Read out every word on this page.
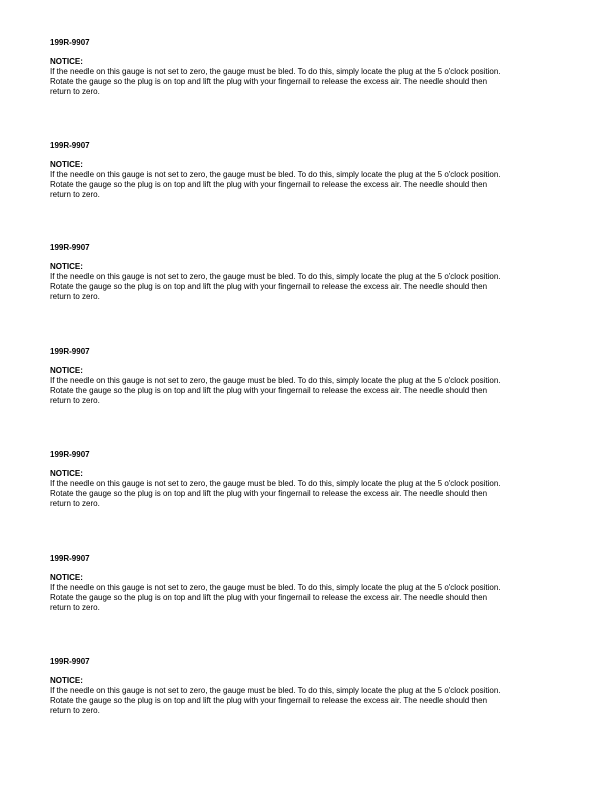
199R-9907
NOTICE:
If the needle on this gauge is not set to zero, the gauge must be bled. To do this, simply locate the plug at the 5 o'clock position.
Rotate the gauge so the plug is on top and lift the plug with your fingernail to release the excess air. The needle should then
return to zero.
199R-9907
NOTICE:
If the needle on this gauge is not set to zero, the gauge must be bled. To do this, simply locate the plug at the 5 o'clock position.
Rotate the gauge so the plug is on top and lift the plug with your fingernail to release the excess air. The needle should then
return to zero.
199R-9907
NOTICE:
If the needle on this gauge is not set to zero, the gauge must be bled. To do this, simply locate the plug at the 5 o'clock position.
Rotate the gauge so the plug is on top and lift the plug with your fingernail to release the excess air. The needle should then
return to zero.
199R-9907
NOTICE:
If the needle on this gauge is not set to zero, the gauge must be bled. To do this, simply locate the plug at the 5 o'clock position.
Rotate the gauge so the plug is on top and lift the plug with your fingernail to release the excess air. The needle should then
return to zero.
199R-9907
NOTICE:
If the needle on this gauge is not set to zero, the gauge must be bled. To do this, simply locate the plug at the 5 o'clock position.
Rotate the gauge so the plug is on top and lift the plug with your fingernail to release the excess air. The needle should then
return to zero.
199R-9907
NOTICE:
If the needle on this gauge is not set to zero, the gauge must be bled. To do this, simply locate the plug at the 5 o'clock position.
Rotate the gauge so the plug is on top and lift the plug with your fingernail to release the excess air. The needle should then
return to zero.
199R-9907
NOTICE:
If the needle on this gauge is not set to zero, the gauge must be bled. To do this, simply locate the plug at the 5 o'clock position.
Rotate the gauge so the plug is on top and lift the plug with your fingernail to release the excess air. The needle should then
return to zero.
